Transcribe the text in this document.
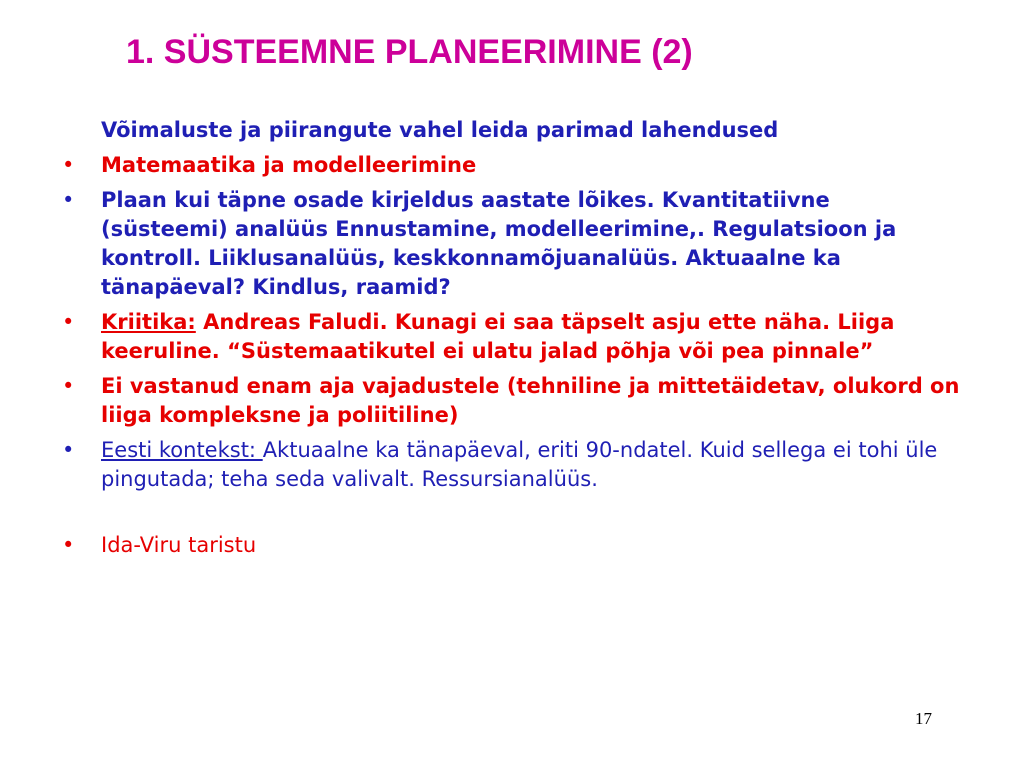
1. SÜSTEEMNE PLANEERIMINE (2)
Võimaluste ja piirangute vahel leida parimad lahendused
• Matemaatika ja modelleerimine
• Plaan kui täpne osade kirjeldus aastate lõikes. Kvantitatiivne (süsteemi) analüüs Ennustamine, modelleerimine,. Regulatsioon ja kontroll. Liiklusanalüüs, keskkonnamõjuanalüüs. Aktuaalne ka tänapäeval? Kindlus, raamid?
• Kriitika: Andreas Faludi. Kunagi ei saa täpselt asju ette näha. Liiga keeruline. “Süstemaatikutel ei ulatu jalad põhja või pea pinnale”
• Ei vastanud enam aja vajadustele (tehniline ja mittetäidetav, olukord on liiga kompleksne ja poliitiline)
• Eesti kontekst: Aktuaalne ka tänapäeval, eriti 90-ndatel. Kuid sellega ei tohi üle pingutada; teha seda valivalt. Ressursianalüüs.
• Ida-Viru taristu
17
